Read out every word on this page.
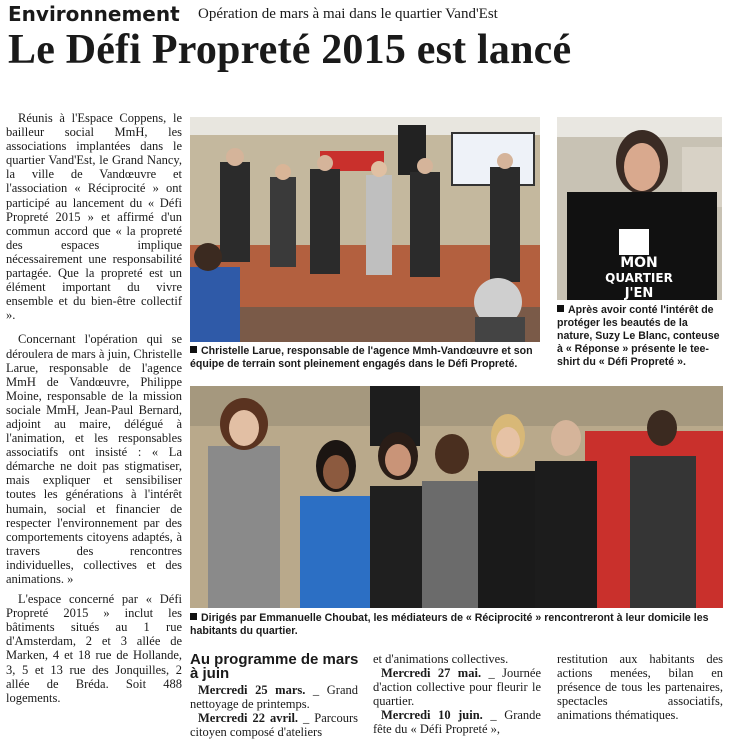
Environnement Opération de mars à mai dans le quartier Vand'Est
Le Défi Propreté 2015 est lancé

Réunis à l'Espace Coppens, le bailleur social MmH, les associations implantées dans le quartier Vand'Est, le Grand Nancy, la ville de Vandœuvre et l'association « Réciprocité » ont participé au lancement du « Défi Propreté 2015 » et affirmé d'un commun accord que « la propreté des espaces implique nécessairement une responsabilité partagée. Que la propreté est un élément important du vivre ensemble et du bien-être collectif ».

Concernant l'opération qui se déroulera de mars à juin, Christelle Larue, responsable de l'agence MmH de Vandœuvre, Philippe Moine, responsable de la mission sociale MmH, Jean-Paul Bernard, adjoint au maire, délégué à l'animation, et les responsables associatifs ont insisté : « La démarche ne doit pas stigmatiser, mais expliquer et sensibiliser toutes les générations à l'intérêt humain, social et financier de respecter l'environnement par des comportements citoyens adaptés, à travers des rencontres individuelles, collectives et des animations. »

L'espace concerné par « Défi Propreté 2015 » inclut les bâtiments situés au 1 rue d'Amsterdam, 2 et 3 allée de Marken, 4 et 18 rue de Hollande, 3, 5 et 13 rue des Jonquilles, 2 allée de Bréda. Soit 488 logements.

Christelle Larue, responsable de l'agence Mmh-Vandœuvre et son équipe de terrain sont pleinement engagés dans le Défi Propreté.
MON
QUARTIER
J'EN
Après avoir conté l'intérêt de protéger les beautés de la nature, Suzy Le Blanc, conteuse à « Réponse » présente le tee-shirt du « Défi Propreté ».
Dirigés par Emmanuelle Choubat, les médiateurs de « Réciprocité » rencontreront à leur domicile les habitants du quartier.
Au programme de mars à juin
Mercredi 25 mars. _ Grand nettoyage de printemps.
Mercredi 22 avril. _ Parcours citoyen composé d'ateliers
et d'animations collectives.
Mercredi 27 mai. _ Journée d'action collective pour fleurir le quartier.
Mercredi 10 juin. _ Grande fête du « Défi Propreté »,
restitution aux habitants des actions menées, bilan en présence de tous les partenaires, spectacles associatifs, animations thématiques.
